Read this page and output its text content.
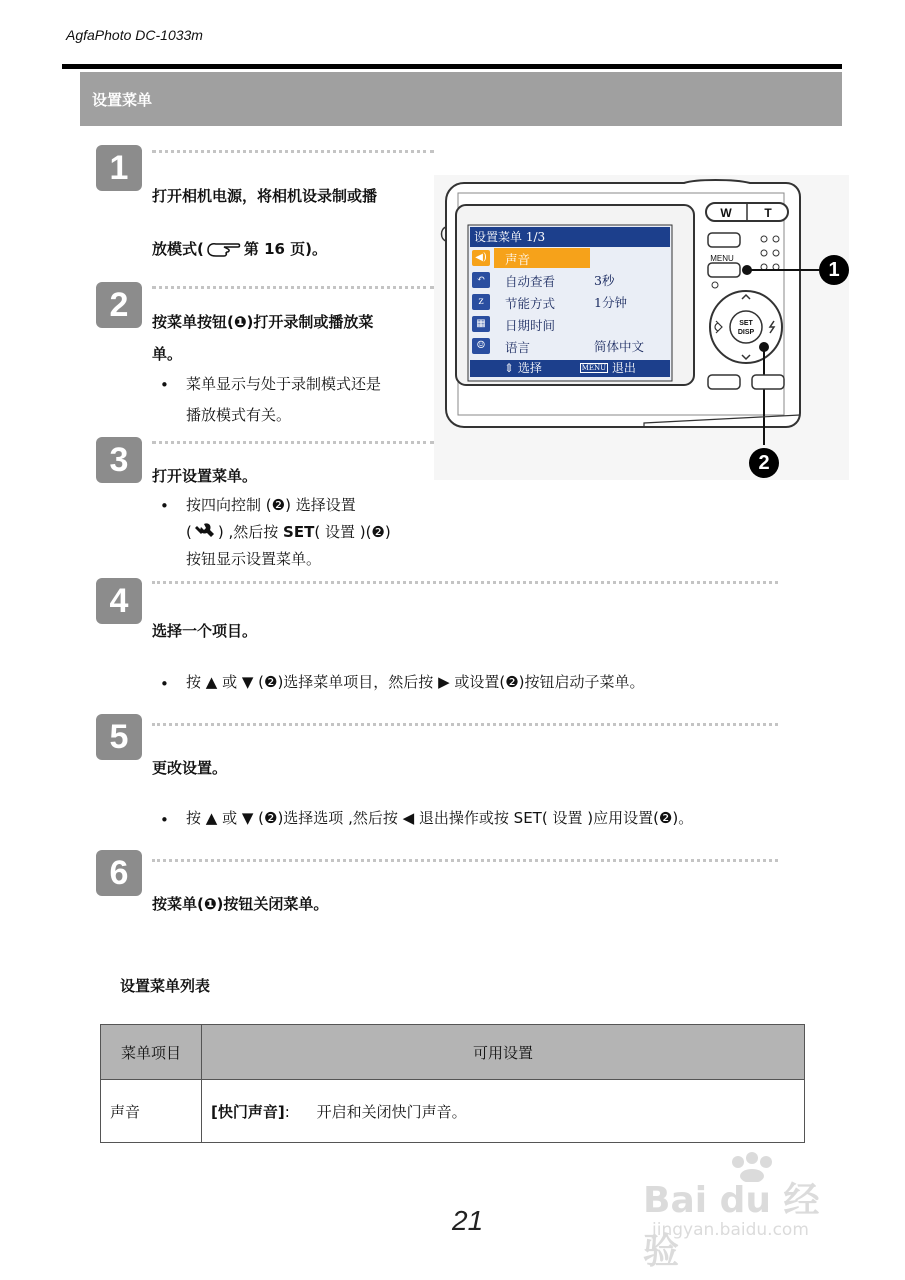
AgfaPhoto DC-1033m
设置菜单
1
打开相机电源，将相机设录制或播
放模式(	第 16 页)。
2	按菜单按钮(❶)打开录制或播放菜
单。
• 菜单显示与处于录制模式还是
播放模式有关。
3	打开设置菜单。
• 按四向控制 (❷) 选择设置
( ) ,然后按 SET( 设置 )(❷)
按钮显示设置菜单。
4
选择一个项目。
• 按 ▲ 或 ▼ (❷)选择菜单项目，然后按 ▶ 或设置(❷)按钮启动子菜单。
5
更改设置。
• 按 ▲ 或 ▼ (❷)选择选项 ,然后按 ◀ 退出操作或按 SET( 设置 )应用设置(❷)。
6
按菜单(❶)按钮关闭菜单。
W	T
MENU
SET
DISP
1
2
设置菜单 1/3
◀) 声音
↶	自动查看	3秒
z	节能方式	1分钟
▦	日期时间
☺	语言	简体中文
⇕ 选择	MENU 退出
设置菜单列表
菜单项目	可用设置
声音	[快门声音]: 开启和关闭快门声音。
21	Bai du 经验
jingyan.baidu.com
